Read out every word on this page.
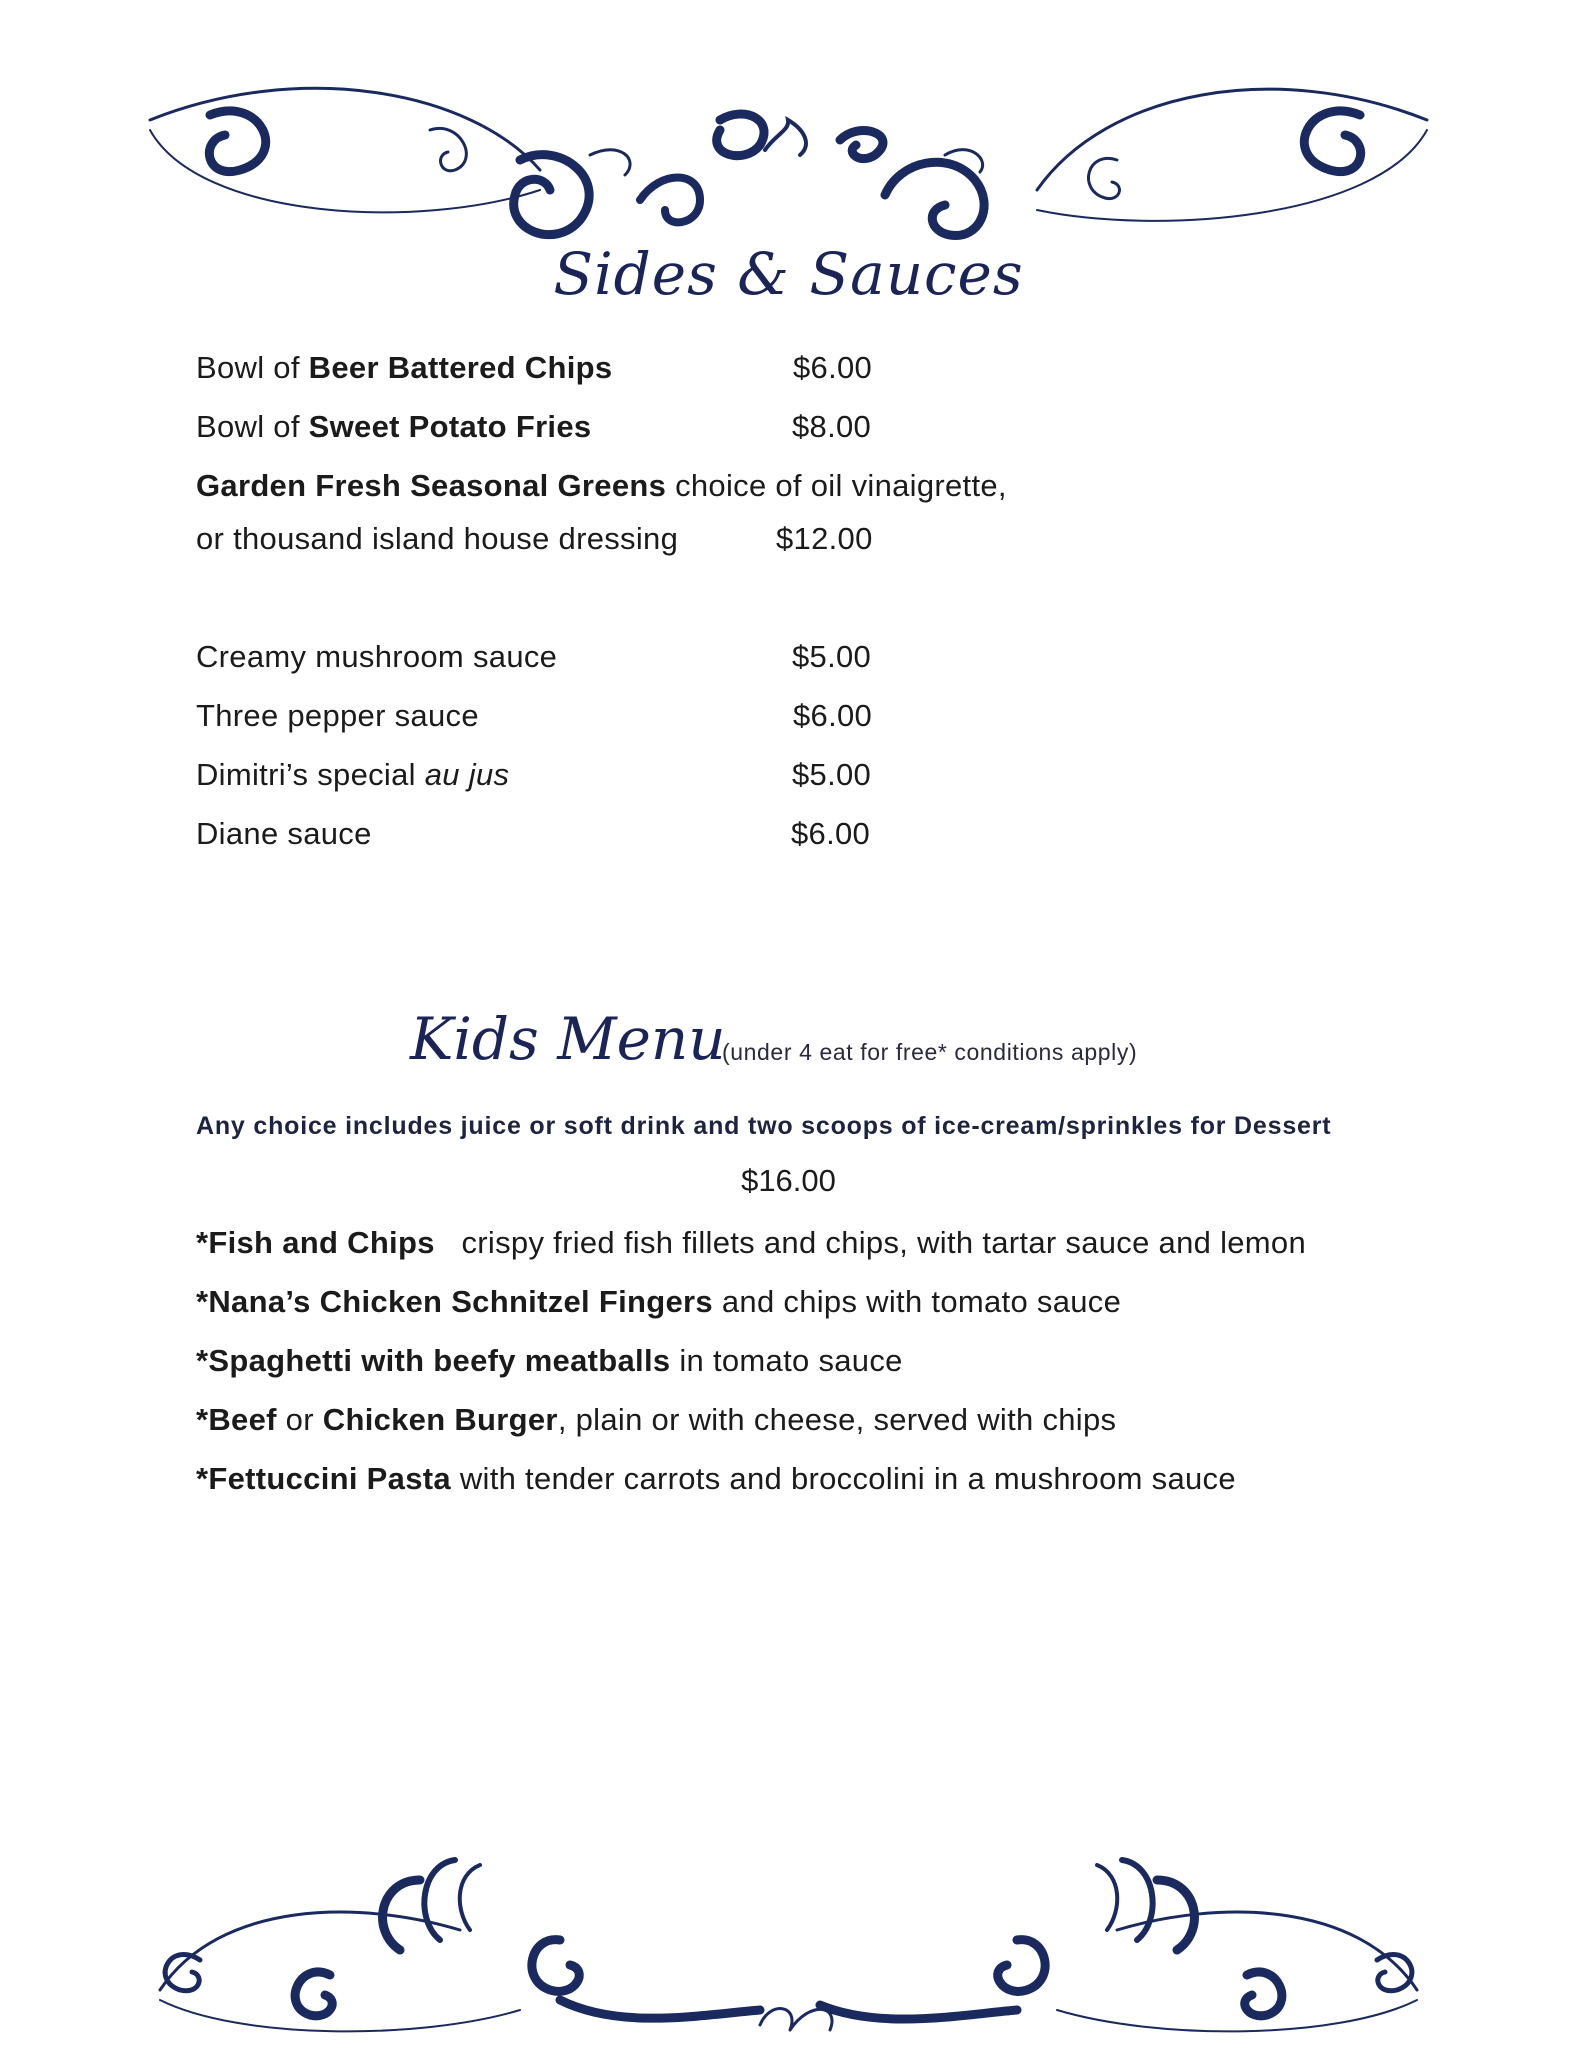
Sides & Sauces
Bowl of Beer Battered Chips	$6.00
Bowl of Sweet Potato Fries	$8.00
Garden Fresh Seasonal Greens choice of oil vinaigrette,
or thousand island house dressing	$12.00
Creamy mushroom sauce	$5.00
Three pepper sauce	$6.00
Dimitri’s special au jus	$5.00
Diane sauce	$6.00
Kids Menu
(under 4 eat for free* conditions apply)
Any choice includes juice or soft drink and two scoops of ice-cream/sprinkles for Dessert
$16.00
*Fish and Chips   crispy fried fish fillets and chips, with tartar sauce and lemon
*Nana’s Chicken Schnitzel Fingers and chips with tomato sauce
*Spaghetti with beefy meatballs in tomato sauce
*Beef or Chicken Burger, plain or with cheese, served with chips
*Fettuccini Pasta with tender carrots and broccolini in a mushroom sauce
